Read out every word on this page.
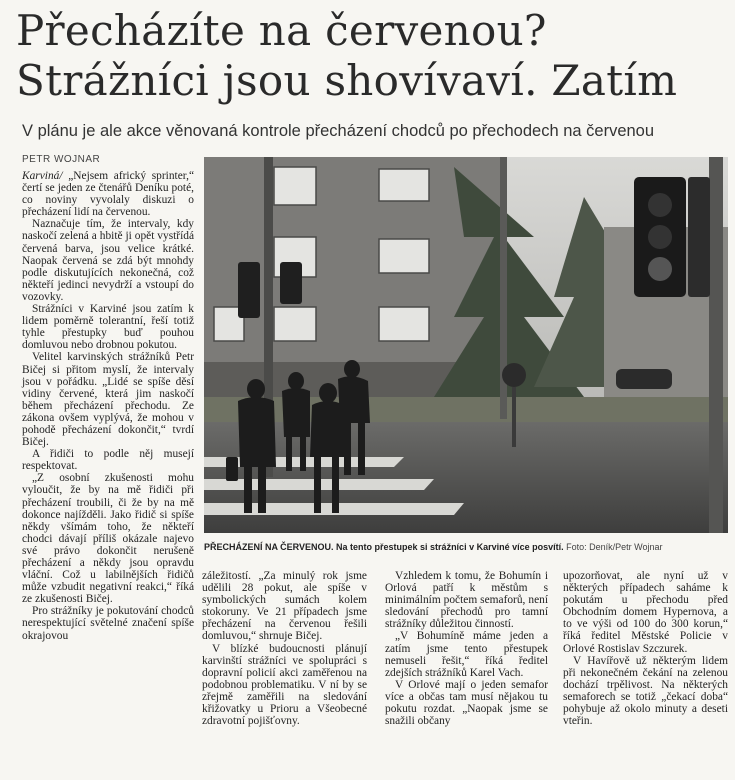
Přecházíte na červenou?
Strážníci jsou shovívaví. Zatím
V plánu je ale akce věnovaná kontrole přecházení chodců po přechodech na červenou
PETR WOJNAR

Karviná/ „Nejsem africký sprinter,“ čertí se jeden ze čtenářů Deníku poté, co noviny vyvolaly diskuzi o přecházení lidí na červenou.

Naznačuje tím, že intervaly, kdy naskočí zelená a hbitě ji opět vystřídá červená barva, jsou velice krátké. Naopak červená se zdá být mnohdy podle diskutujících nekonečná, což někteří jedinci nevydrží a vstoupí do vozovky.

Strážníci v Karviné jsou zatím k lidem poměrně tolerantní, řeší totiž tyhle přestupky buď pouhou domluvou nebo drobnou pokutou.

Velitel karvinských strážníků Petr Bičej si přitom myslí, že intervaly jsou v pořádku. „Lidé se spíše děsí vidiny červené, která jim naskočí během přecházení přechodu. Ze zákona ovšem vyplývá, že mohou v pohodě přecházení dokončit,“ tvrdí Bičej.

A řidiči to podle něj musejí respektovat.

„Z osobní zkušenosti mohu vyloučit, že by na mě řidiči při přecházení troubili, či že by na mě dokonce najížděli. Jako řidič si spíše někdy všímám toho, že někteří chodci dávají příliš okázale najevo své právo dokončit nerušeně přecházení a někdy jsou opravdu vláční. Což u labilnějších řidičů může vzbudit negativní reakci,“ říká ze zkušenosti Bičej.

Pro strážníky je pokutování chodců nerespektující světelné značení spíše okrajovou

PŘECHÁZENÍ NA ČERVENOU. Na tento přestupek si strážníci v Karviné více posvítí. Foto: Deník/Petr Wojnar

záležitostí. „Za minulý rok jsme udělili 28 pokut, ale spíše v symbolických sumách kolem stokoruny. Ve 21 případech jsme přecházení na červenou řešili domluvou,“ shrnuje Bičej.

V blízké budoucnosti plánují karvinští strážníci ve spolupráci s dopravní policií akci zaměřenou na podobnou problematiku. V ní by se zřejmě zaměřili na sledování křižovatky u Prioru a Všeobecné zdravotní pojišťovny.

Vzhledem k tomu, že Bohumín i Orlová patří k městům s minimálním počtem semaforů, není sledování přechodů pro tamní strážníky důležitou činností.

„V Bohumíně máme jeden a zatím jsme tento přestupek nemuseli řešit,“ říká ředitel zdejších strážníků Karel Vach.

V Orlové mají o jeden semafor více a občas tam musí nějakou tu pokutu rozdat. „Naopak jsme se snažili občany

upozorňovat, ale nyní už v některých případech saháme k pokutám u přechodu před Obchodním domem Hypernova, a to ve výši od 100 do 300 korun,“ říká ředitel Městské Policie v Orlové Rostislav Szczurek.

V Havířově už některým lidem při nekonečném čekání na zelenou dochází trpělivost. Na některých semaforech se totiž „čekací doba“ pohybuje až okolo minuty a deseti vteřin.
